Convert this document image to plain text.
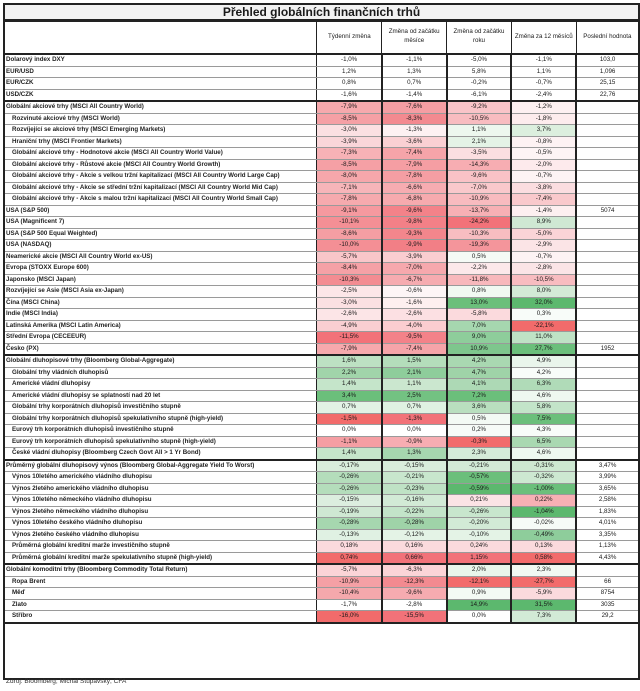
Přehled globálních finančních trhů
	Týdenní změna	Změna od začátku měsíce	Změna od začátku roku	Změna za 12 měsíců	Poslední hodnota
Dolarový index DXY	-1,0%	-1,1%	-5,0%	-1,1%	103,0
EUR/USD	1,2%	1,3%	5,8%	1,1%	1,096
EUR/CZK	0,8%	0,7%	-0,2%	-0,7%	25,15
USD/CZK	-1,6%	-1,4%	-6,1%	-2,4%	22,76
Globální akciové trhy (MSCI All Country World)	-7,9%	-7,6%	-9,2%	-1,2%	
Rozvinuté akciové trhy (MSCI World)	-8,5%	-8,3%	-10,5%	-1,8%	
Rozvíjející se akciové trhy (MSCI Emerging Markets)	-3,0%	-1,3%	1,1%	3,7%	
Hraniční trhy (MSCI Frontier Markets)	-3,9%	-3,6%	2,1%	-0,8%	
Globální akciové trhy - Hodnotové akcie (MSCI All Country World Value)	-7,3%	-7,4%	-3,5%	-0,5%	
Globální akciové trhy - Růstové akcie (MSCI All Country World Growth)	-8,5%	-7,9%	-14,3%	-2,0%	
Globální akciové trhy - Akcie s velkou tržní kapitalizací (MSCI All Country World Large Cap)	-8,0%	-7,8%	-9,6%	-0,7%	
Globální akciové trhy - Akcie se střední tržní kapitalizací (MSCI All Country World Mid Cap)	-7,1%	-6,6%	-7,0%	-3,8%	
Globální akciové trhy - Akcie s malou tržní kapitalizací (MSCI All Country World Small Cap)	-7,8%	-6,8%	-10,9%	-7,4%	
USA (S&P 500)	-9,1%	-9,6%	-13,7%	-1,4%	5074
USA (Magnificent 7)	-10,1%	-9,8%	-24,2%	8,9%	
USA (S&P 500 Equal Weighted)	-8,6%	-9,3%	-10,3%	-5,0%	
USA (NASDAQ)	-10,0%	-9,9%	-19,3%	-2,9%	
Neamerické akcie (MSCI All Country World ex-US)	-5,7%	-3,9%	0,5%	-0,7%	
Evropa (STOXX Europe 600)	-8,4%	-7,0%	-2,2%	-2,8%	
Japonsko (MSCI Japan)	-10,3%	-6,7%	-11,8%	-10,5%	
Rozvíjející se Asie (MSCI Asia ex-Japan)	-2,5%	-0,6%	0,8%	8,0%	
Čína (MSCI China)	-3,0%	-1,6%	13,0%	32,0%	
Indie (MSCI India)	-2,6%	-2,6%	-5,8%	0,3%	
Latinská Amerika (MSCI Latin America)	-4,9%	-4,0%	7,0%	-22,1%	
Střední Evropa (CECEEUR)	-11,5%	-9,5%	9,0%	11,0%	
Česko (PX)	-7,9%	-7,4%	10,9%	27,7%	1952
Globální dluhopisové trhy (Bloomberg Global-Aggregate)	1,6%	1,5%	4,2%	4,9%	
Globální trhy vládních dluhopisů	2,2%	2,1%	4,7%	4,2%	
Americké vládní dluhopisy	1,4%	1,1%	4,1%	6,3%	
Americké vládní dluhopisy se splatností nad 20 let	3,4%	2,5%	7,2%	4,6%	
Globální trhy korporátních dluhopisů investičního stupně	0,7%	0,7%	3,6%	5,8%	
Globální trhy korporátních dluhopisů spekulativního stupně (high-yield)	-1,5%	-1,3%	0,5%	7,5%	
Eurový trh korporátních dluhopisů investičního stupně	0,0%	0,0%	0,2%	4,3%	
Eurový trh korporátních dluhopisů spekulativního stupně (high-yield)	-1,1%	-0,9%	-0,3%	6,5%	
České vládní dluhopisy (Bloomberg Czech Govt All > 1 Yr Bond)	1,4%	1,3%	2,3%	4,6%	
Průměrný globální dluhopisový výnos (Bloomberg Global-Aggregate Yield To Worst)	-0,17%	-0,15%	-0,21%	-0,31%	3,47%
Výnos 10letého amerického vládního dluhopisu	-0,26%	-0,21%	-0,57%	-0,32%	3,99%
Výnos 2letého amerického vládního dluhopisu	-0,26%	-0,23%	-0,59%	-1,00%	3,65%
Výnos 10letého německého vládního dluhopisu	-0,15%	-0,16%	0,21%	0,22%	2,58%
Výnos 2letého německého vládního dluhopisu	-0,19%	-0,22%	-0,26%	-1,04%	1,83%
Výnos 10letého českého vládního dluhopisu	-0,28%	-0,28%	-0,20%	-0,02%	4,01%
Výnos 2letého českého vládního dluhopisu	-0,13%	-0,12%	-0,10%	-0,49%	3,35%
Průměrná globální kreditní marže investičního stupně	0,18%	0,16%	0,24%	0,13%	1,13%
Průměrná globální kreditní marže spekulativního stupně (high-yield)	0,74%	0,66%	1,15%	0,58%	4,43%
Globální komoditní trhy (Bloomberg Commodity Total Return)	-5,7%	-6,3%	2,0%	2,3%	
Ropa Brent	-10,9%	-12,3%	-12,1%	-27,7%	66
Měď	-10,4%	-9,6%	0,9%	-5,9%	8754
Zlato	-1,7%	-2,8%	14,9%	31,5%	3035
Stříbro	-16,0%	-15,5%	0,0%	7,3%	29,2
Zdroj: Bloomberg; Michal Stupavský, CFA
